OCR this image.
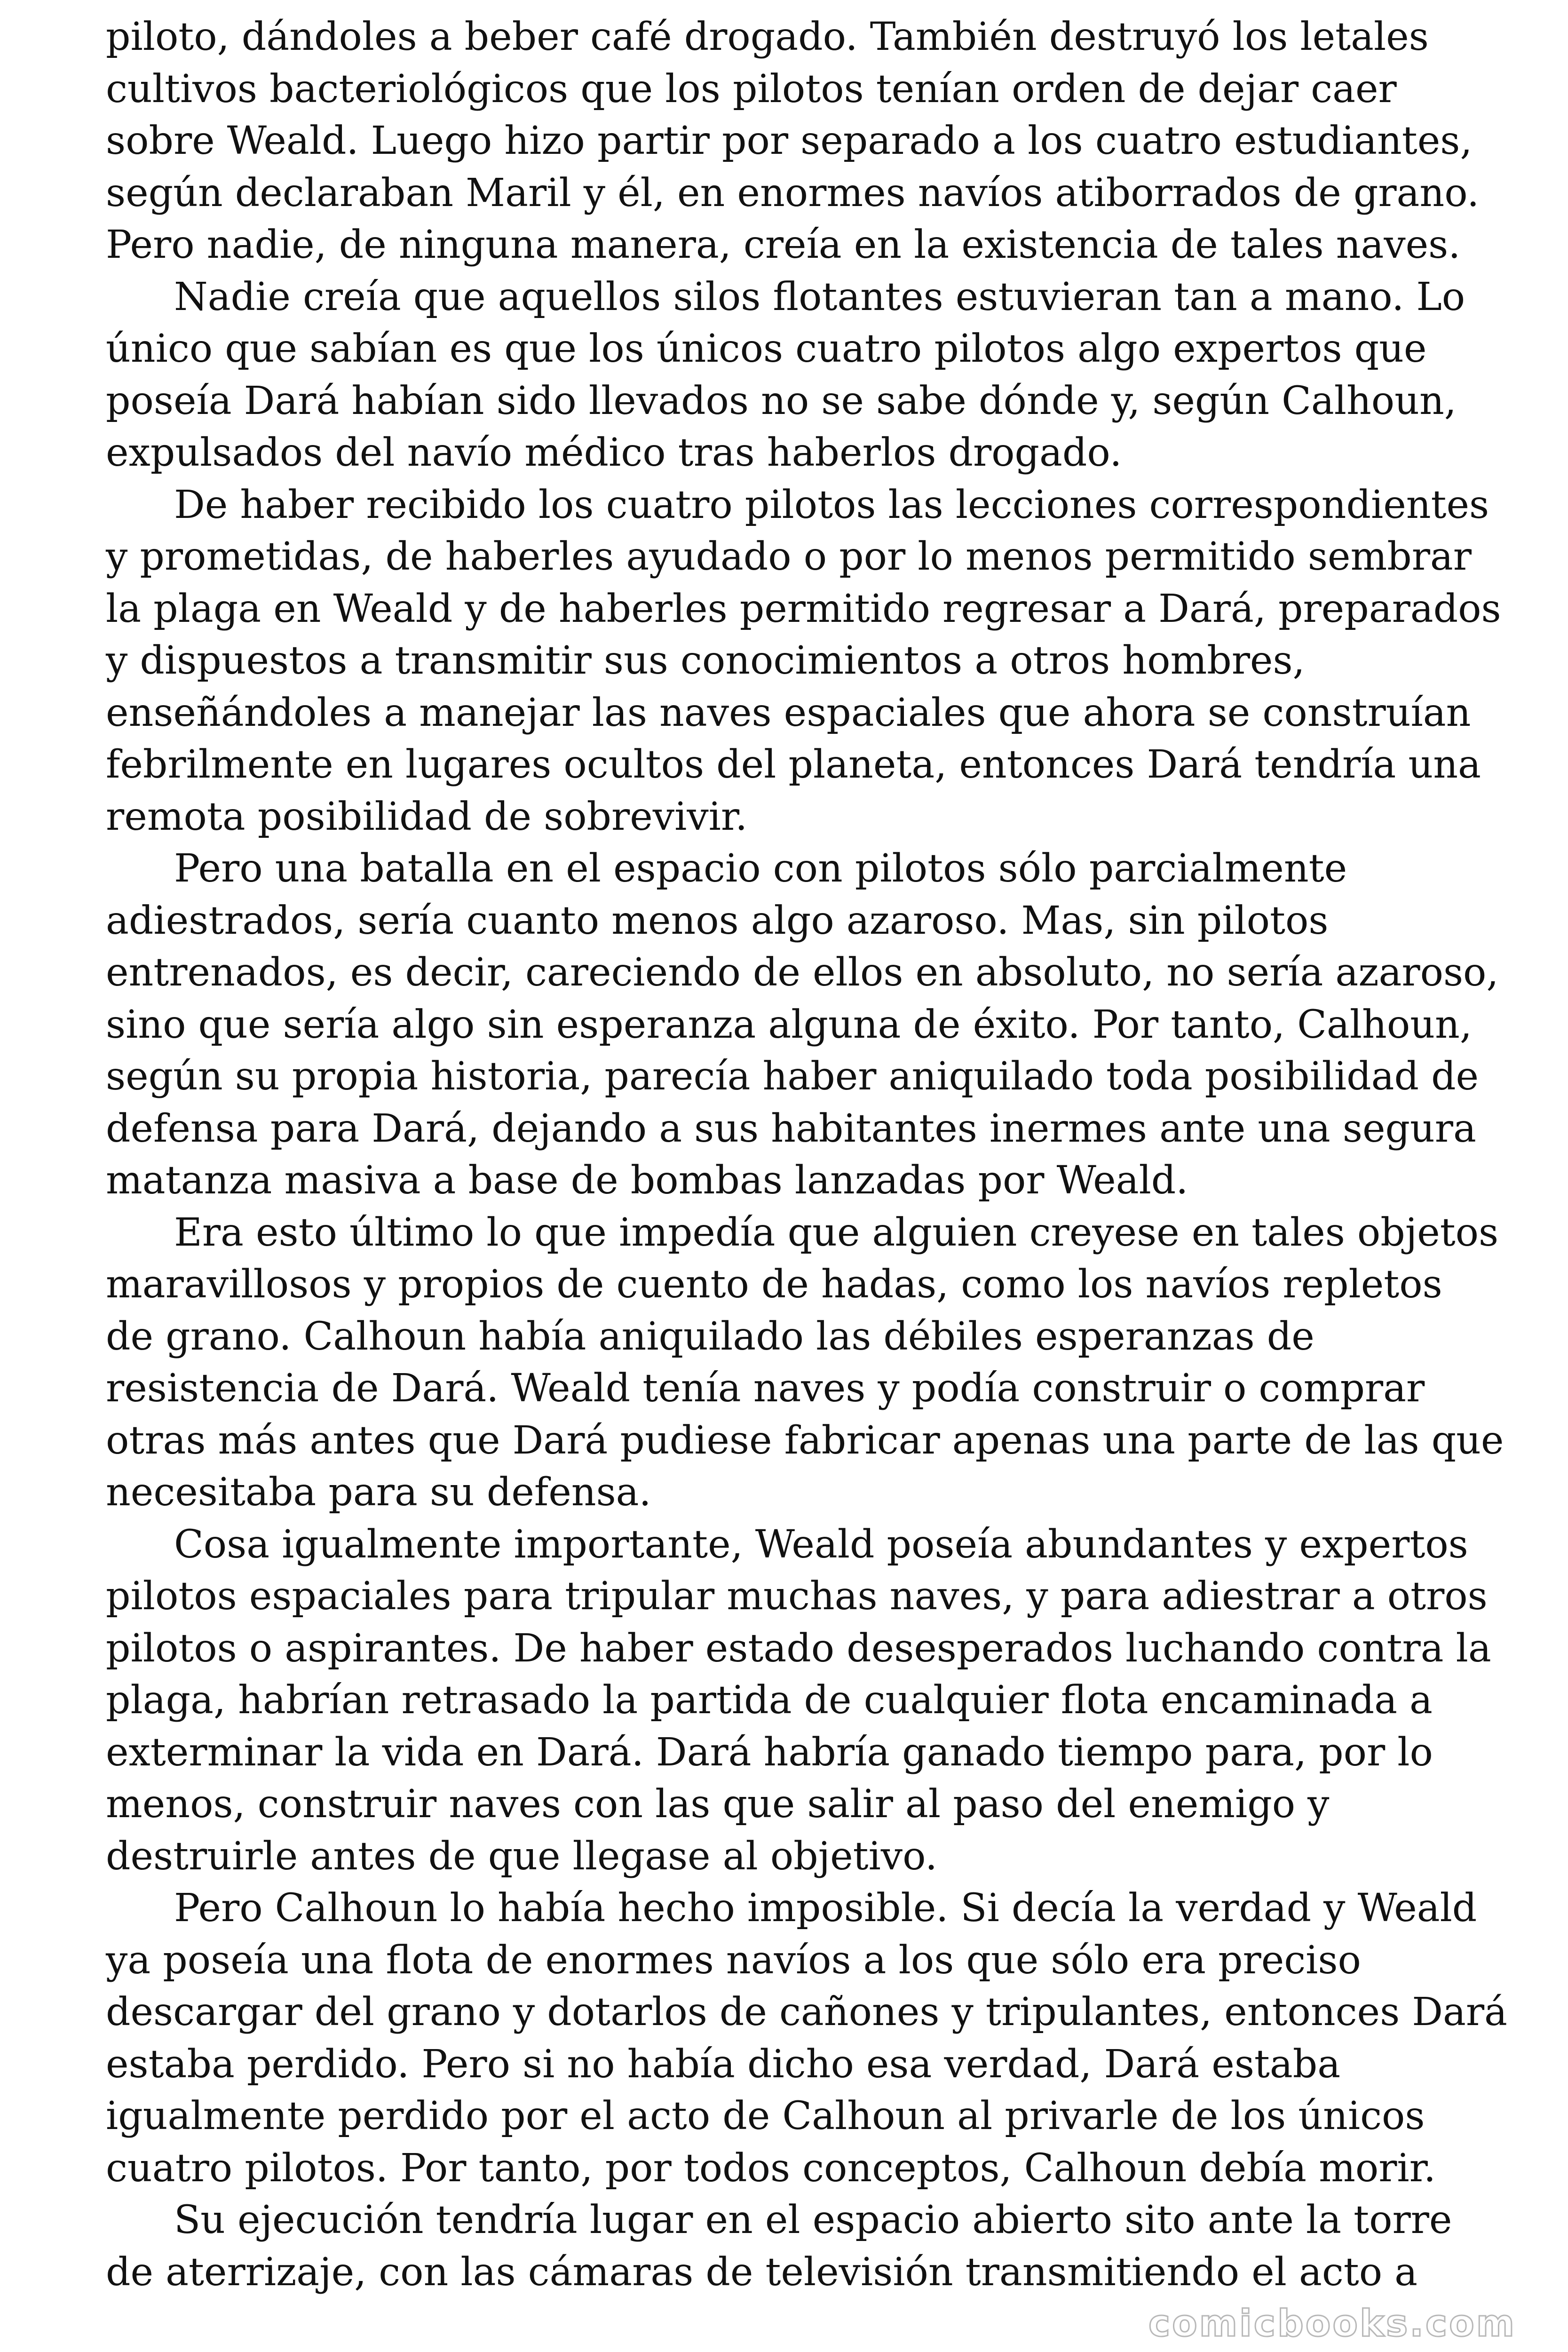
piloto, dándoles a beber café drogado. También destruyó los letales
cultivos bacteriológicos que los pilotos tenían orden de dejar caer
sobre Weald. Luego hizo partir por separado a los cuatro estudiantes,
según declaraban Maril y él, en enormes navíos atiborrados de grano.
Pero nadie, de ninguna manera, creía en la existencia de tales naves.
Nadie creía que aquellos silos flotantes estuvieran tan a mano. Lo
único que sabían es que los únicos cuatro pilotos algo expertos que
poseía Dará habían sido llevados no se sabe dónde y, según Calhoun,
expulsados del navío médico tras haberlos drogado.
De haber recibido los cuatro pilotos las lecciones correspondientes
y prometidas, de haberles ayudado o por lo menos permitido sembrar
la plaga en Weald y de haberles permitido regresar a Dará, preparados
y dispuestos a transmitir sus conocimientos a otros hombres,
enseñándoles a manejar las naves espaciales que ahora se construían
febrilmente en lugares ocultos del planeta, entonces Dará tendría una
remota posibilidad de sobrevivir.
Pero una batalla en el espacio con pilotos sólo parcialmente
adiestrados, sería cuanto menos algo azaroso. Mas, sin pilotos
entrenados, es decir, careciendo de ellos en absoluto, no sería azaroso,
sino que sería algo sin esperanza alguna de éxito. Por tanto, Calhoun,
según su propia historia, parecía haber aniquilado toda posibilidad de
defensa para Dará, dejando a sus habitantes inermes ante una segura
matanza masiva a base de bombas lanzadas por Weald.
Era esto último lo que impedía que alguien creyese en tales objetos
maravillosos y propios de cuento de hadas, como los navíos repletos
de grano. Calhoun había aniquilado las débiles esperanzas de
resistencia de Dará. Weald tenía naves y podía construir o comprar
otras más antes que Dará pudiese fabricar apenas una parte de las que
necesitaba para su defensa.
Cosa igualmente importante, Weald poseía abundantes y expertos
pilotos espaciales para tripular muchas naves, y para adiestrar a otros
pilotos o aspirantes. De haber estado desesperados luchando contra la
plaga, habrían retrasado la partida de cualquier flota encaminada a
exterminar la vida en Dará. Dará habría ganado tiempo para, por lo
menos, construir naves con las que salir al paso del enemigo y
destruirle antes de que llegase al objetivo.
Pero Calhoun lo había hecho imposible. Si decía la verdad y Weald
ya poseía una flota de enormes navíos a los que sólo era preciso
descargar del grano y dotarlos de cañones y tripulantes, entonces Dará
estaba perdido. Pero si no había dicho esa verdad, Dará estaba
igualmente perdido por el acto de Calhoun al privarle de los únicos
cuatro pilotos. Por tanto, por todos conceptos, Calhoun debía morir.
Su ejecución tendría lugar en el espacio abierto sito ante la torre
de aterrizaje, con las cámaras de televisión transmitiendo el acto a
comicbooks.com
